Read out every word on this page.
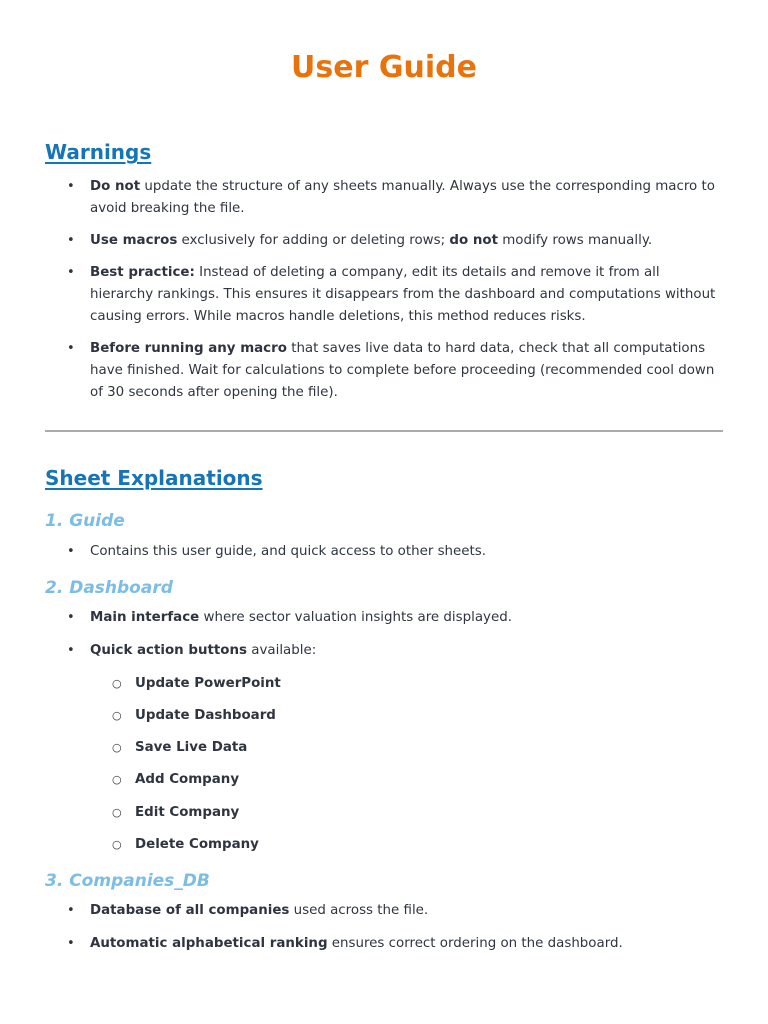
User Guide
Warnings
• Do not update the structure of any sheets manually. Always use the corresponding macro to avoid breaking the file.
• Use macros exclusively for adding or deleting rows; do not modify rows manually.
• Best practice: Instead of deleting a company, edit its details and remove it from all hierarchy rankings. This ensures it disappears from the dashboard and computations without causing errors. While macros handle deletions, this method reduces risks.
• Before running any macro that saves live data to hard data, check that all computations have finished. Wait for calculations to complete before proceeding (recommended cool down of 30 seconds after opening the file).
Sheet Explanations
1. Guide
• Contains this user guide, and quick access to other sheets.
2. Dashboard
• Main interface where sector valuation insights are displayed.
• Quick action buttons available:
○ Update PowerPoint
○ Update Dashboard
○ Save Live Data
○ Add Company
○ Edit Company
○ Delete Company
3. Companies_DB
• Database of all companies used across the file.
• Automatic alphabetical ranking ensures correct ordering on the dashboard.
